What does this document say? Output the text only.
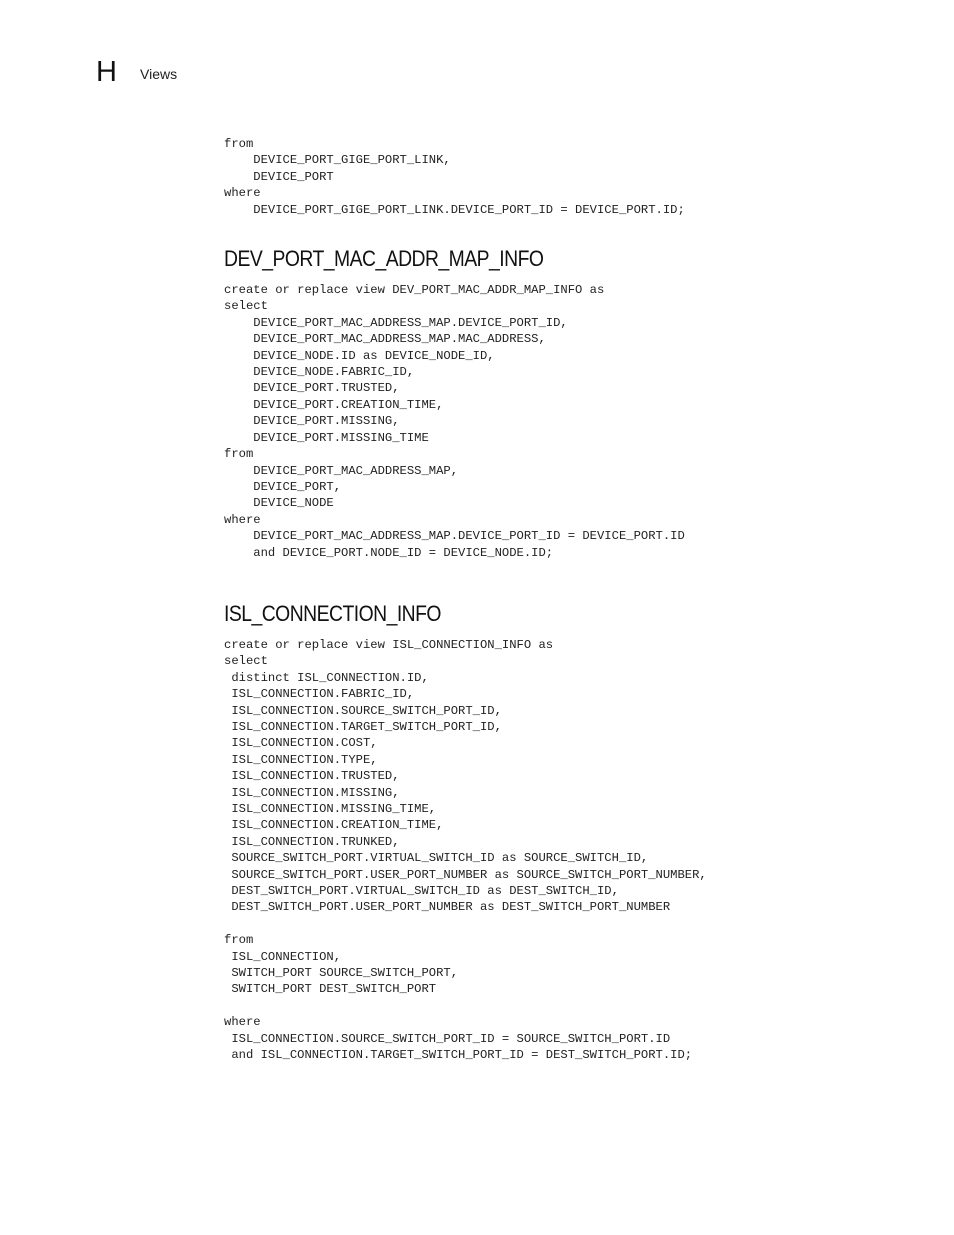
H Views
from
DEVICE_PORT_GIGE_PORT_LINK,
DEVICE_PORT
where
DEVICE_PORT_GIGE_PORT_LINK.DEVICE_PORT_ID = DEVICE_PORT.ID;
DEV_PORT_MAC_ADDR_MAP_INFO
create or replace view DEV_PORT_MAC_ADDR_MAP_INFO as
select
DEVICE_PORT_MAC_ADDRESS_MAP.DEVICE_PORT_ID,
DEVICE_PORT_MAC_ADDRESS_MAP.MAC_ADDRESS,
DEVICE_NODE.ID as DEVICE_NODE_ID,
DEVICE_NODE.FABRIC_ID,
DEVICE_PORT.TRUSTED,
DEVICE_PORT.CREATION_TIME,
DEVICE_PORT.MISSING,
DEVICE_PORT.MISSING_TIME
from
DEVICE_PORT_MAC_ADDRESS_MAP,
DEVICE_PORT,
DEVICE_NODE
where
DEVICE_PORT_MAC_ADDRESS_MAP.DEVICE_PORT_ID = DEVICE_PORT.ID
and DEVICE_PORT.NODE_ID = DEVICE_NODE.ID;
ISL_CONNECTION_INFO
create or replace view ISL_CONNECTION_INFO as
select
distinct ISL_CONNECTION.ID,
ISL_CONNECTION.FABRIC_ID,
ISL_CONNECTION.SOURCE_SWITCH_PORT_ID,
ISL_CONNECTION.TARGET_SWITCH_PORT_ID,
ISL_CONNECTION.COST,
ISL_CONNECTION.TYPE,
ISL_CONNECTION.TRUSTED,
ISL_CONNECTION.MISSING,
ISL_CONNECTION.MISSING_TIME,
ISL_CONNECTION.CREATION_TIME,
ISL_CONNECTION.TRUNKED,
SOURCE_SWITCH_PORT.VIRTUAL_SWITCH_ID as SOURCE_SWITCH_ID,
SOURCE_SWITCH_PORT.USER_PORT_NUMBER as SOURCE_SWITCH_PORT_NUMBER,
DEST_SWITCH_PORT.VIRTUAL_SWITCH_ID as DEST_SWITCH_ID,
DEST_SWITCH_PORT.USER_PORT_NUMBER as DEST_SWITCH_PORT_NUMBER

from
ISL_CONNECTION,
SWITCH_PORT SOURCE_SWITCH_PORT,
SWITCH_PORT DEST_SWITCH_PORT

where
ISL_CONNECTION.SOURCE_SWITCH_PORT_ID = SOURCE_SWITCH_PORT.ID
and ISL_CONNECTION.TARGET_SWITCH_PORT_ID = DEST_SWITCH_PORT.ID;
